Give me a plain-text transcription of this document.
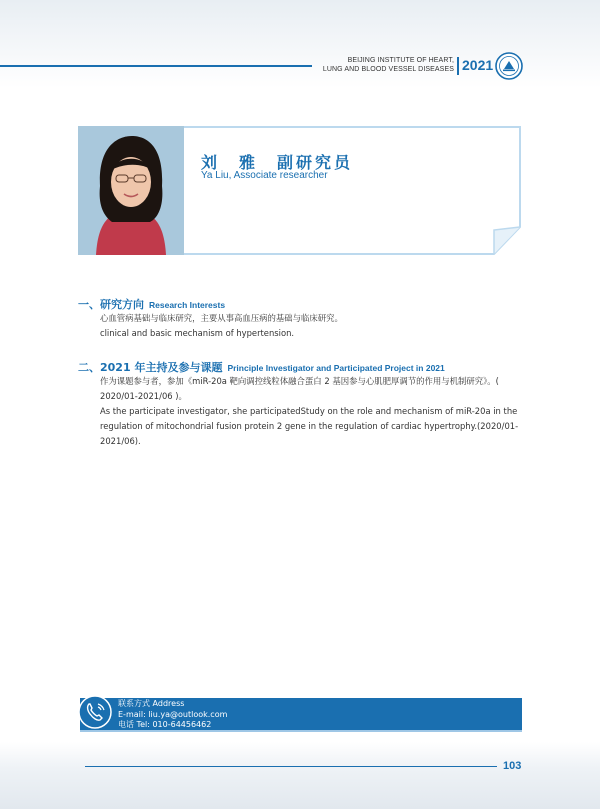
BEIJING INSTITUTE OF HEART,
LUNG AND BLOOD VESSEL DISEASES 2021
刘　雅　副研究员
Ya Liu, Associate researcher
一、研究方向 Research Interests

心血管病基础与临床研究，主要从事高血压病的基础与临床研究。

clinical and basic mechanism of hypertension.

二、2021 年主持及参与课题 Principle Investigator and Participated Project in 2021

作为课题参与者，参加《miR-20a 靶向调控线粒体融合蛋白 2 基因参与心肌肥厚调节的作用与机制研究》。( 2020/01-2021/06 )。

As the participate investigator, she participatedStudy on the role and mechanism of miR-20a in the regulation of mitochondrial fusion protein 2 gene in the regulation of cardiac hypertrophy.(2020/01-2021/06).

联系方式 Address
E-mail: liu.ya@outlook.com
电话 Tel: 010-64456462
103
